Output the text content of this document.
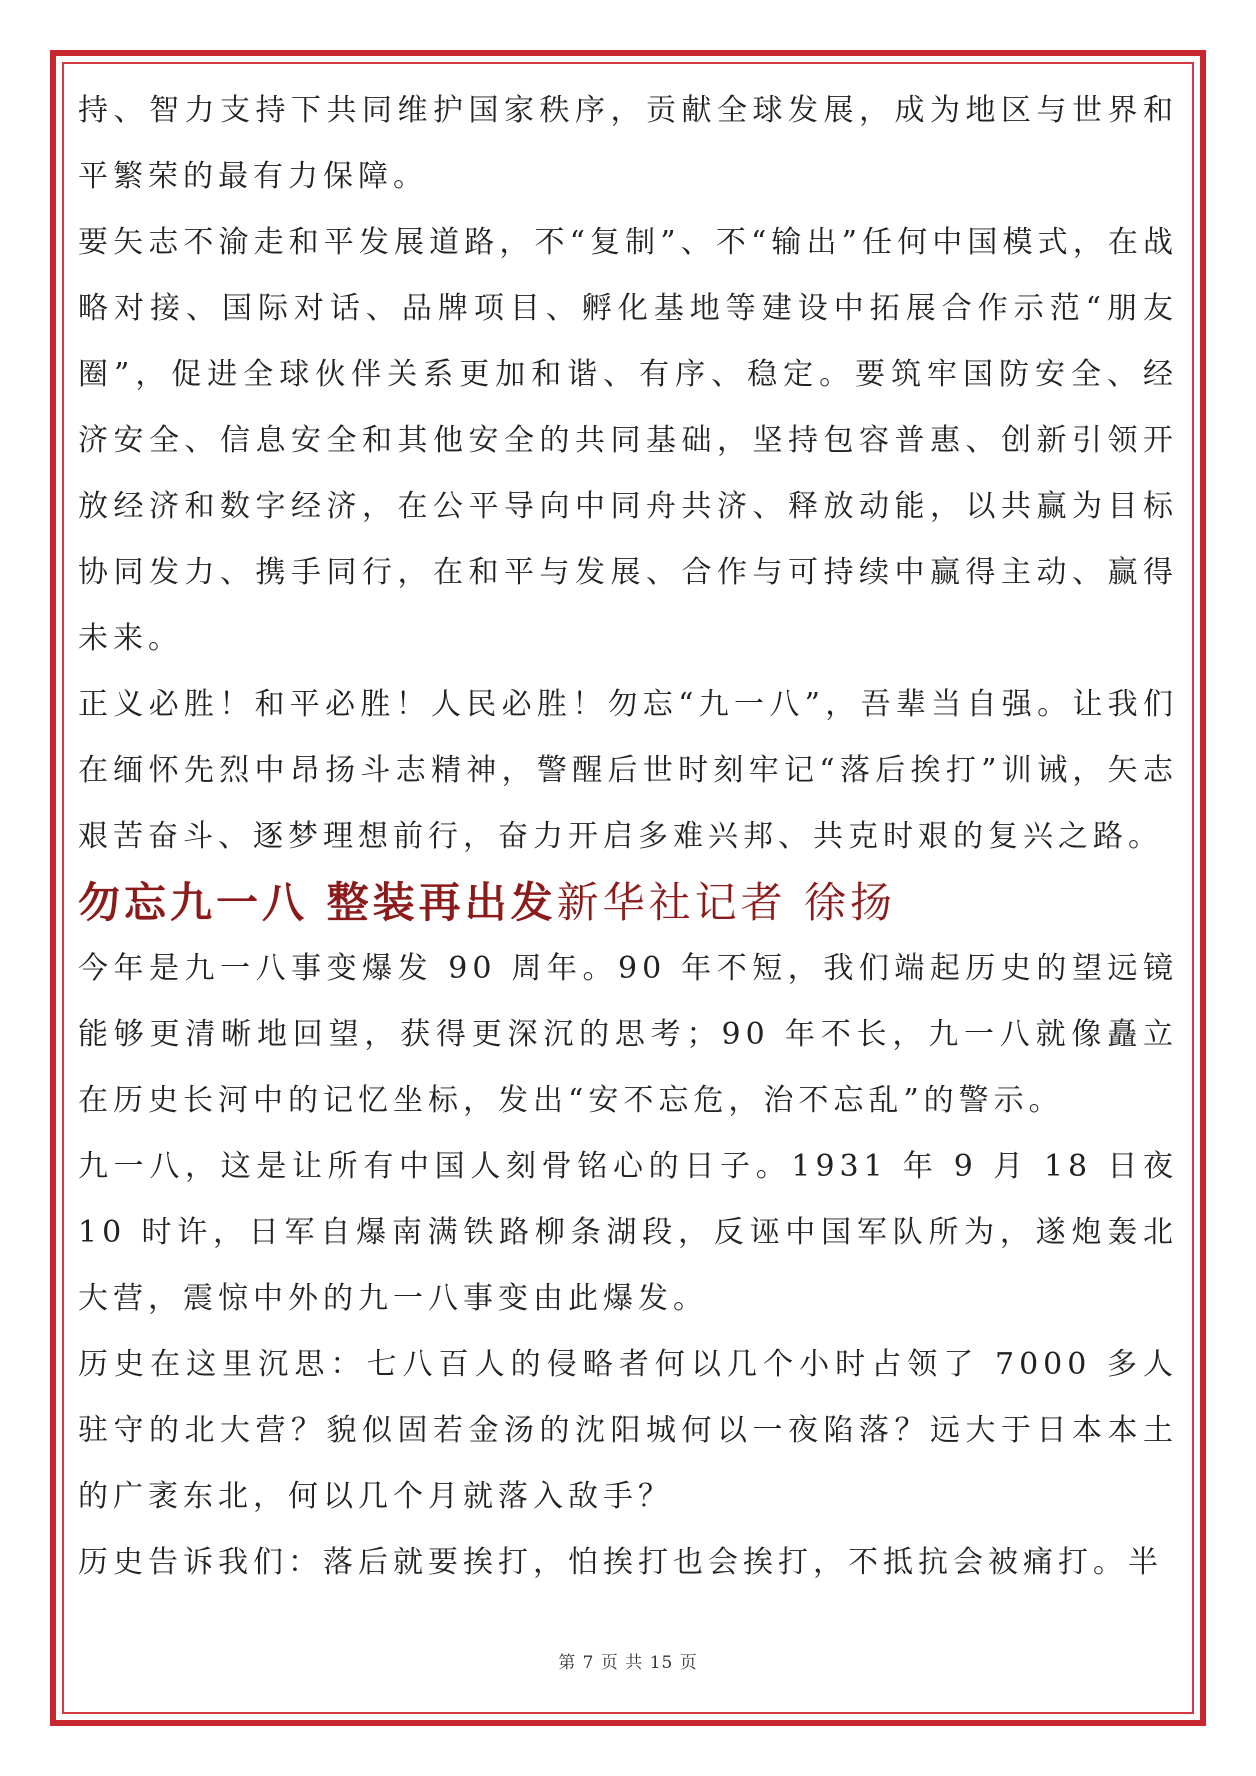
持、智力支持下共同维护国家秩序，贡献全球发展，成为地区与世界和平繁荣的最有力保障。

要矢志不渝走和平发展道路，不“复制”、不“输出”任何中国模式，在战略对接、国际对话、品牌项目、孵化基地等建设中拓展合作示范“朋友圈”，促进全球伙伴关系更加和谐、有序、稳定。要筑牢国防安全、经济安全、信息安全和其他安全的共同基础，坚持包容普惠、创新引领开放经济和数字经济，在公平导向中同舟共济、释放动能，以共赢为目标协同发力、携手同行，在和平与发展、合作与可持续中赢得主动、赢得未来。

正义必胜！和平必胜！人民必胜！勿忘“九一八”，吾辈当自强。让我们在缅怀先烈中昂扬斗志精神，警醒后世时刻牢记“落后挨打”训诫，矢志艰苦奋斗、逐梦理想前行，奋力开启多难兴邦、共克时艰的复兴之路。

勿忘九一八 整装再出发新华社记者 徐扬

今年是九一八事变爆发 90 周年。90 年不短，我们端起历史的望远镜能够更清晰地回望，获得更深沉的思考；90 年不长，九一八就像矗立在历史长河中的记忆坐标，发出“安不忘危，治不忘乱”的警示。

九一八，这是让所有中国人刻骨铭心的日子。1931 年 9 月 18 日夜 10 时许，日军自爆南满铁路柳条湖段，反诬中国军队所为，遂炮轰北大营，震惊中外的九一八事变由此爆发。

历史在这里沉思：七八百人的侵略者何以几个小时占领了 7000 多人驻守的北大营？貌似固若金汤的沈阳城何以一夜陷落？远大于日本本土的广袤东北，何以几个月就落入敌手？

历史告诉我们：落后就要挨打，怕挨打也会挨打，不抵抗会被痛打。半

第 7 页 共 15 页
